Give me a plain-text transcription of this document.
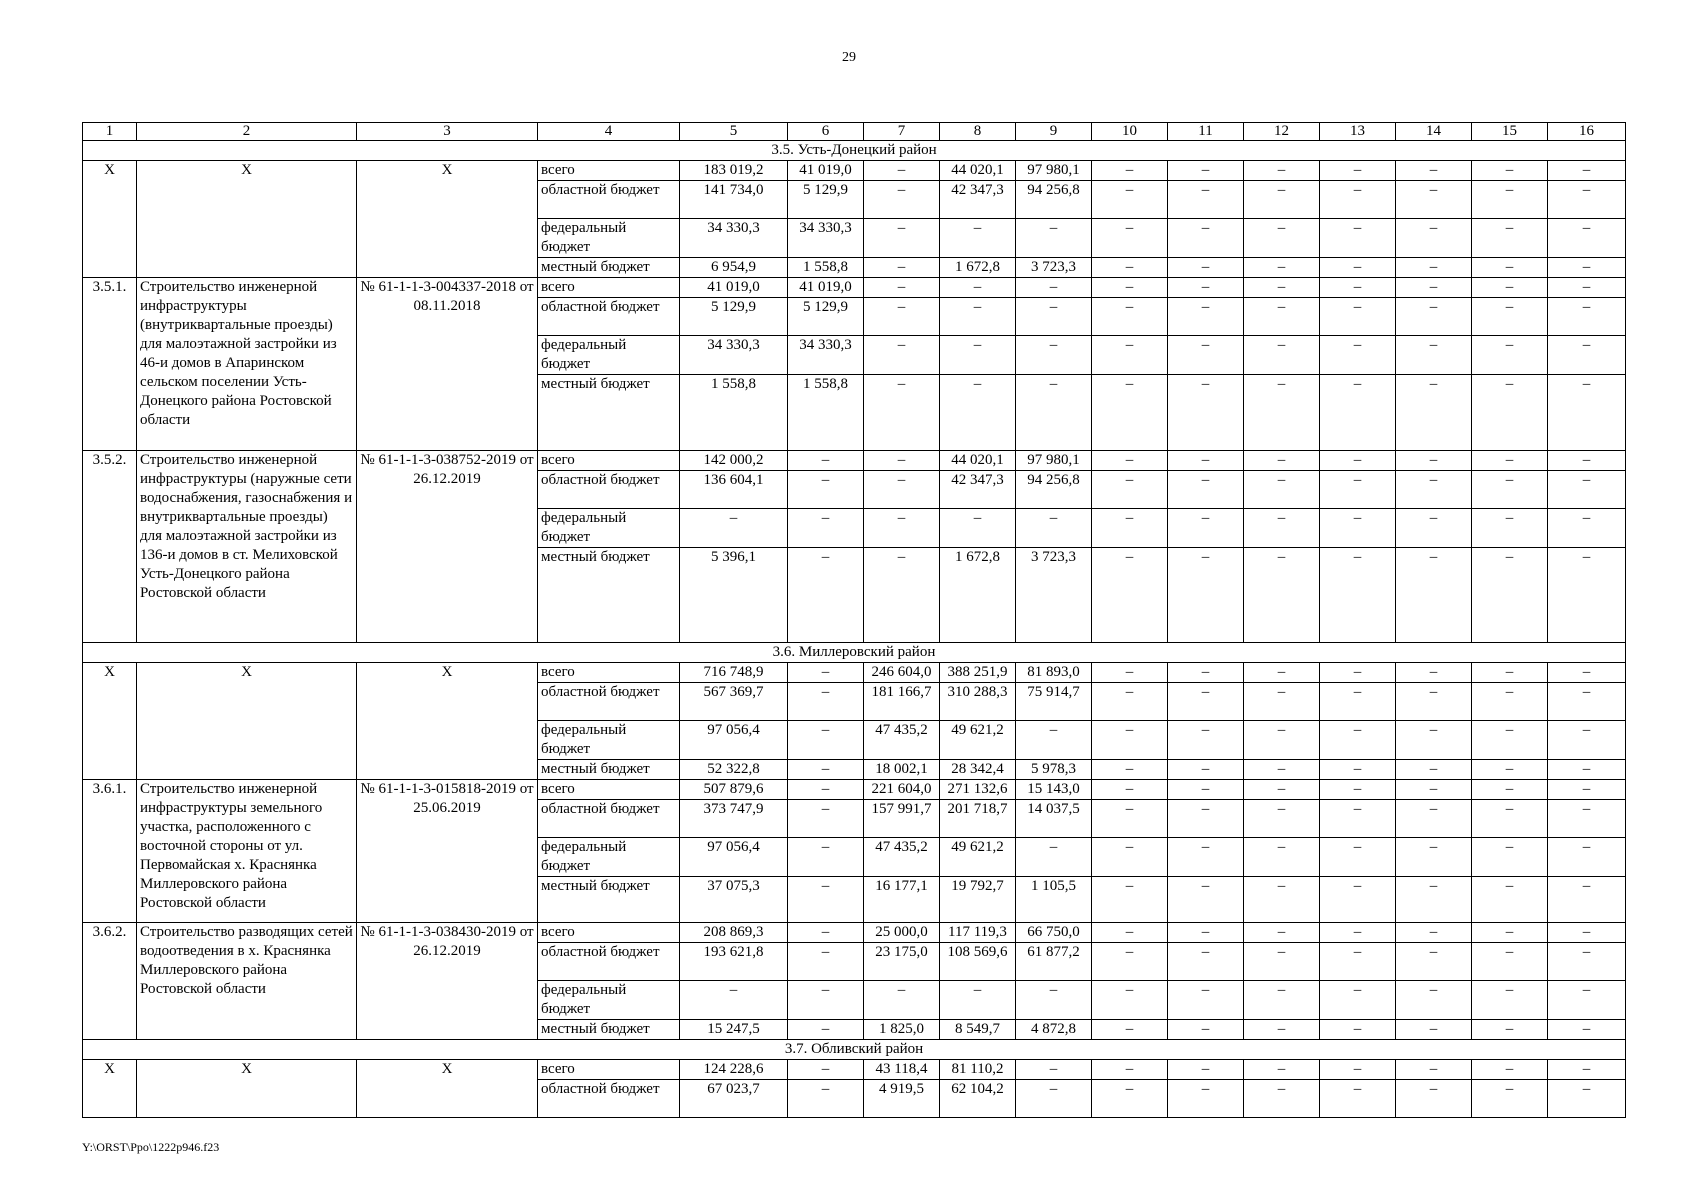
29
1	2	3	4	5	6	7	8	9	10	11	12	13	14	15	16
3.5. Усть-Донецкий район															
X	X	X	всего	183 019,2	41 019,0	–	44 020,1	97 980,1	–	–	–	–	–	–	–
			областной бюджет	141 734,0	5 129,9	–	42 347,3	94 256,8	–	–	–	–	–	–	–
			федеральный бюджет	34 330,3	34 330,3	–	–	–	–	–	–	–	–	–	–
			местный бюджет	6 954,9	1 558,8	–	1 672,8	3 723,3	–	–	–	–	–	–	–
3.5.1.	Строительство инженерной инфраструктуры (внутриквартальные проезды) для малоэтажной застройки из 46-и домов в Апаринском сельском поселении Усть-Донецкого района Ростовской области	№ 61-1-1-3-004337-2018 от 08.11.2018	всего	41 019,0	41 019,0	–	–	–	–	–	–	–	–	–	–
			областной бюджет	5 129,9	5 129,9	–	–	–	–	–	–	–	–	–	–
			федеральный бюджет	34 330,3	34 330,3	–	–	–	–	–	–	–	–	–	–
			местный бюджет	1 558,8	1 558,8	–	–	–	–	–	–	–	–	–	–
3.5.2.	Строительство инженерной инфраструктуры (наружные сети водоснабжения, газоснабжения и внутриквартальные проезды) для малоэтажной застройки из 136-и домов в ст. Мелиховской Усть-Донецкого района Ростовской области	№ 61-1-1-3-038752-2019 от 26.12.2019	всего	142 000,2	–	–	44 020,1	97 980,1	–	–	–	–	–	–	–
			областной бюджет	136 604,1	–	–	42 347,3	94 256,8	–	–	–	–	–	–	–
			федеральный бюджет	–	–	–	–	–	–	–	–	–	–	–	–
			местный бюджет	5 396,1	–	–	1 672,8	3 723,3	–	–	–	–	–	–	–
3.6. Миллеровский район															
X	X	X	всего	716 748,9	–	246 604,0	388 251,9	81 893,0	–	–	–	–	–	–	–
			областной бюджет	567 369,7	–	181 166,7	310 288,3	75 914,7	–	–	–	–	–	–	–
			федеральный бюджет	97 056,4	–	47 435,2	49 621,2	–	–	–	–	–	–	–	–
			местный бюджет	52 322,8	–	18 002,1	28 342,4	5 978,3	–	–	–	–	–	–	–
3.6.1.	Строительство инженерной инфраструктуры земельного участка, расположенного с восточной стороны от ул. Первомайская х. Краснянка Миллеровского района Ростовской области	№ 61-1-1-3-015818-2019 от 25.06.2019	всего	507 879,6	–	221 604,0	271 132,6	15 143,0	–	–	–	–	–	–	–
			областной бюджет	373 747,9	–	157 991,7	201 718,7	14 037,5	–	–	–	–	–	–	–
			федеральный бюджет	97 056,4	–	47 435,2	49 621,2	–	–	–	–	–	–	–	–
			местный бюджет	37 075,3	–	16 177,1	19 792,7	1 105,5	–	–	–	–	–	–	–
3.6.2.	Строительство разводящих сетей водоотведения в х. Краснянка Миллеровского района Ростовской области	№ 61-1-1-3-038430-2019 от 26.12.2019	всего	208 869,3	–	25 000,0	117 119,3	66 750,0	–	–	–	–	–	–	–
			областной бюджет	193 621,8	–	23 175,0	108 569,6	61 877,2	–	–	–	–	–	–	–
			федеральный бюджет	–	–	–	–	–	–	–	–	–	–	–	–
			местный бюджет	15 247,5	–	1 825,0	8 549,7	4 872,8	–	–	–	–	–	–	–
3.7. Обливский район															
X	X	X	всего	124 228,6	–	43 118,4	81 110,2	–	–	–	–	–	–	–	–
			областной бюджет	67 023,7	–	4 919,5	62 104,2	–	–	–	–	–	–	–	–
Y:\ORST\Ppo\1222p946.f23
